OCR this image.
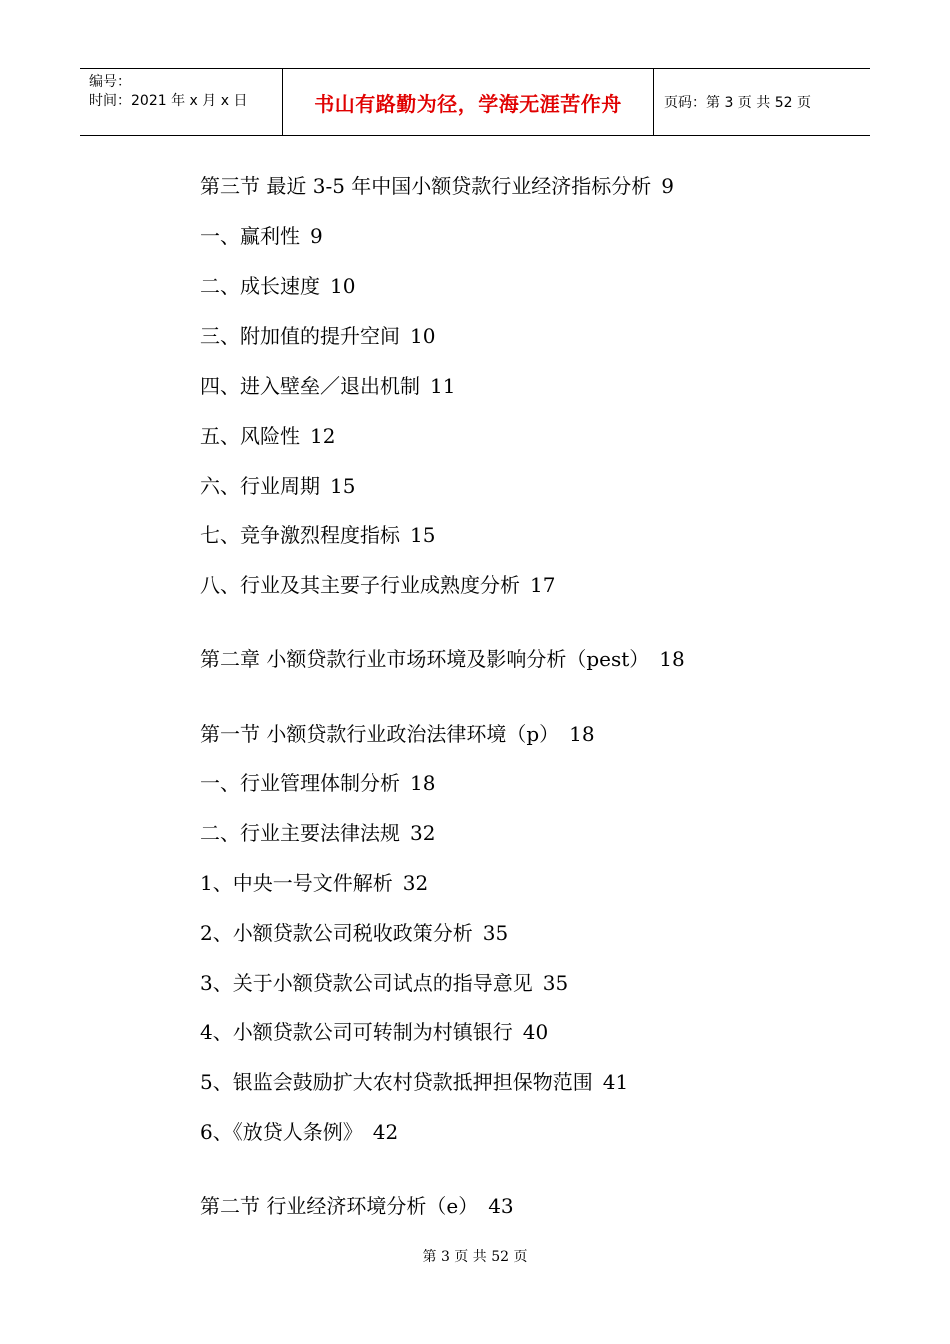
编号：
时间：2021 年 x 月 x 日	书山有路勤为径，学海无涯苦作舟	页码：第 3 页 共 52 页
第三节 最近 3-5 年中国小额贷款行业经济指标分析 9
一、赢利性 9
二、成长速度 10
三、附加值的提升空间 10
四、进入壁垒／退出机制 11
五、风险性 12
六、行业周期 15
七、竞争激烈程度指标 15
八、行业及其主要子行业成熟度分析 17
第二章 小额贷款行业市场环境及影响分析（pest） 18
第一节 小额贷款行业政治法律环境（p） 18
一、行业管理体制分析 18
二、行业主要法律法规 32
1、中央一号文件解析 32
2、小额贷款公司税收政策分析 35
3、关于小额贷款公司试点的指导意见 35
4、小额贷款公司可转制为村镇银行 40
5、银监会鼓励扩大农村贷款抵押担保物范围 41
6、《放贷人条例》 42
第二节 行业经济环境分析（e） 43
第 3 页 共 52 页
